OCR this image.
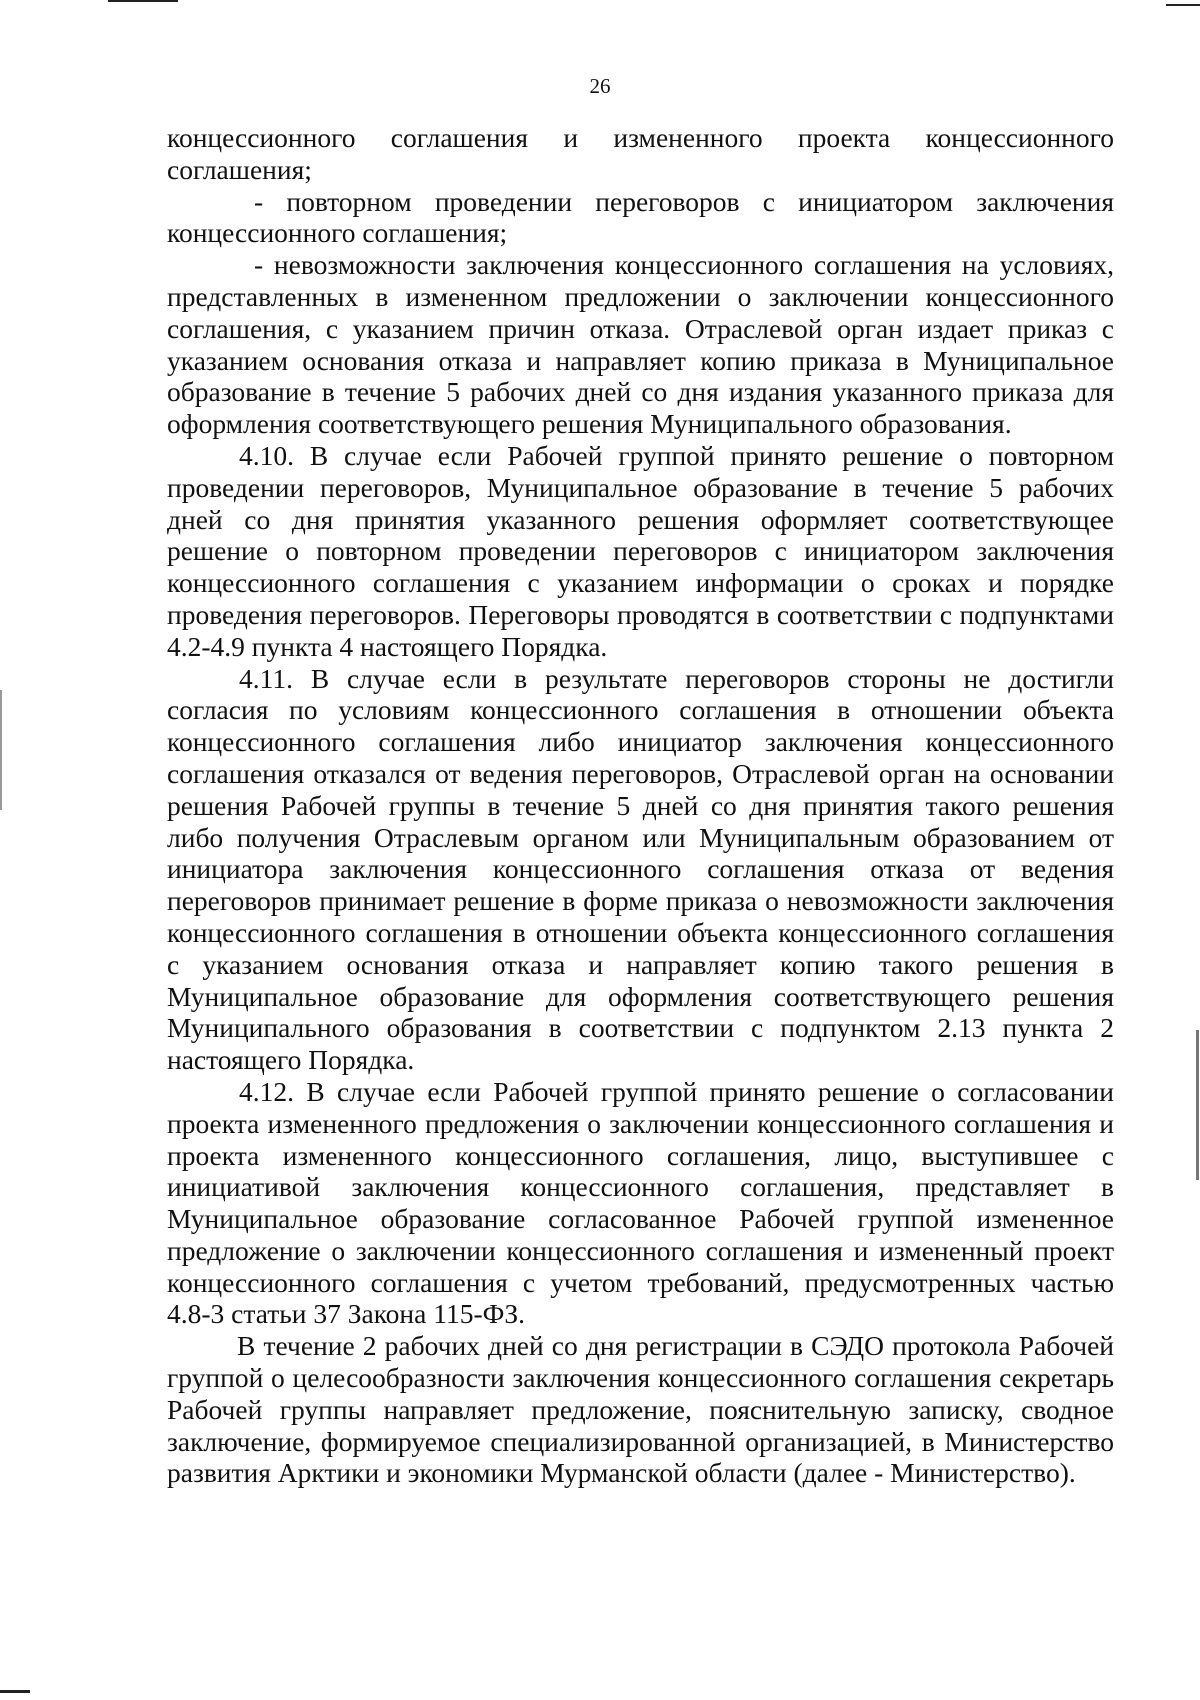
26

концессионного соглашения и измененного проекта концессионного соглашения;

- повторном проведении переговоров с инициатором заключения концессионного соглашения;

- невозможности заключения концессионного соглашения на условиях, представленных в измененном предложении о заключении концессионного соглашения, с указанием причин отказа. Отраслевой орган издает приказ с указанием основания отказа и направляет копию приказа в Муниципальное образование в течение 5 рабочих дней со дня издания указанного приказа для оформления соответствующего решения Муниципального образования.

4.10. В случае если Рабочей группой принято решение о повторном проведении переговоров, Муниципальное образование в течение 5 рабочих дней со дня принятия указанного решения оформляет соответствующее решение о повторном проведении переговоров с инициатором заключения концессионного соглашения с указанием информации о сроках и порядке проведения переговоров. Переговоры проводятся в соответствии с подпунктами 4.2-4.9 пункта 4 настоящего Порядка.

4.11. В случае если в результате переговоров стороны не достигли согласия по условиям концессионного соглашения в отношении объекта концессионного соглашения либо инициатор заключения концессионного соглашения отказался от ведения переговоров, Отраслевой орган на основании решения Рабочей группы в течение 5 дней со дня принятия такого решения либо получения Отраслевым органом или Муниципальным образованием от инициатора заключения концессионного соглашения отказа от ведения переговоров принимает решение в форме приказа о невозможности заключения концессионного соглашения в отношении объекта концессионного соглашения с указанием основания отказа и направляет копию такого решения в Муниципальное образование для оформления соответствующего решения Муниципального образования в соответствии с подпунктом 2.13 пункта 2 настоящего Порядка.

4.12. В случае если Рабочей группой принято решение о согласовании проекта измененного предложения о заключении концессионного соглашения и проекта измененного концессионного соглашения, лицо, выступившее с инициативой заключения концессионного соглашения, представляет в Муниципальное образование согласованное Рабочей группой измененное предложение о заключении концессионного соглашения и измененный проект концессионного соглашения с учетом требований, предусмотренных частью 4.8-3 статьи 37 Закона 115-ФЗ.

В течение 2 рабочих дней со дня регистрации в СЭДО протокола Рабочей группой о целесообразности заключения концессионного соглашения секретарь Рабочей группы направляет предложение, пояснительную записку, сводное заключение, формируемое специализированной организацией, в Министерство развития Арктики и экономики Мурманской области (далее - Министерство).
